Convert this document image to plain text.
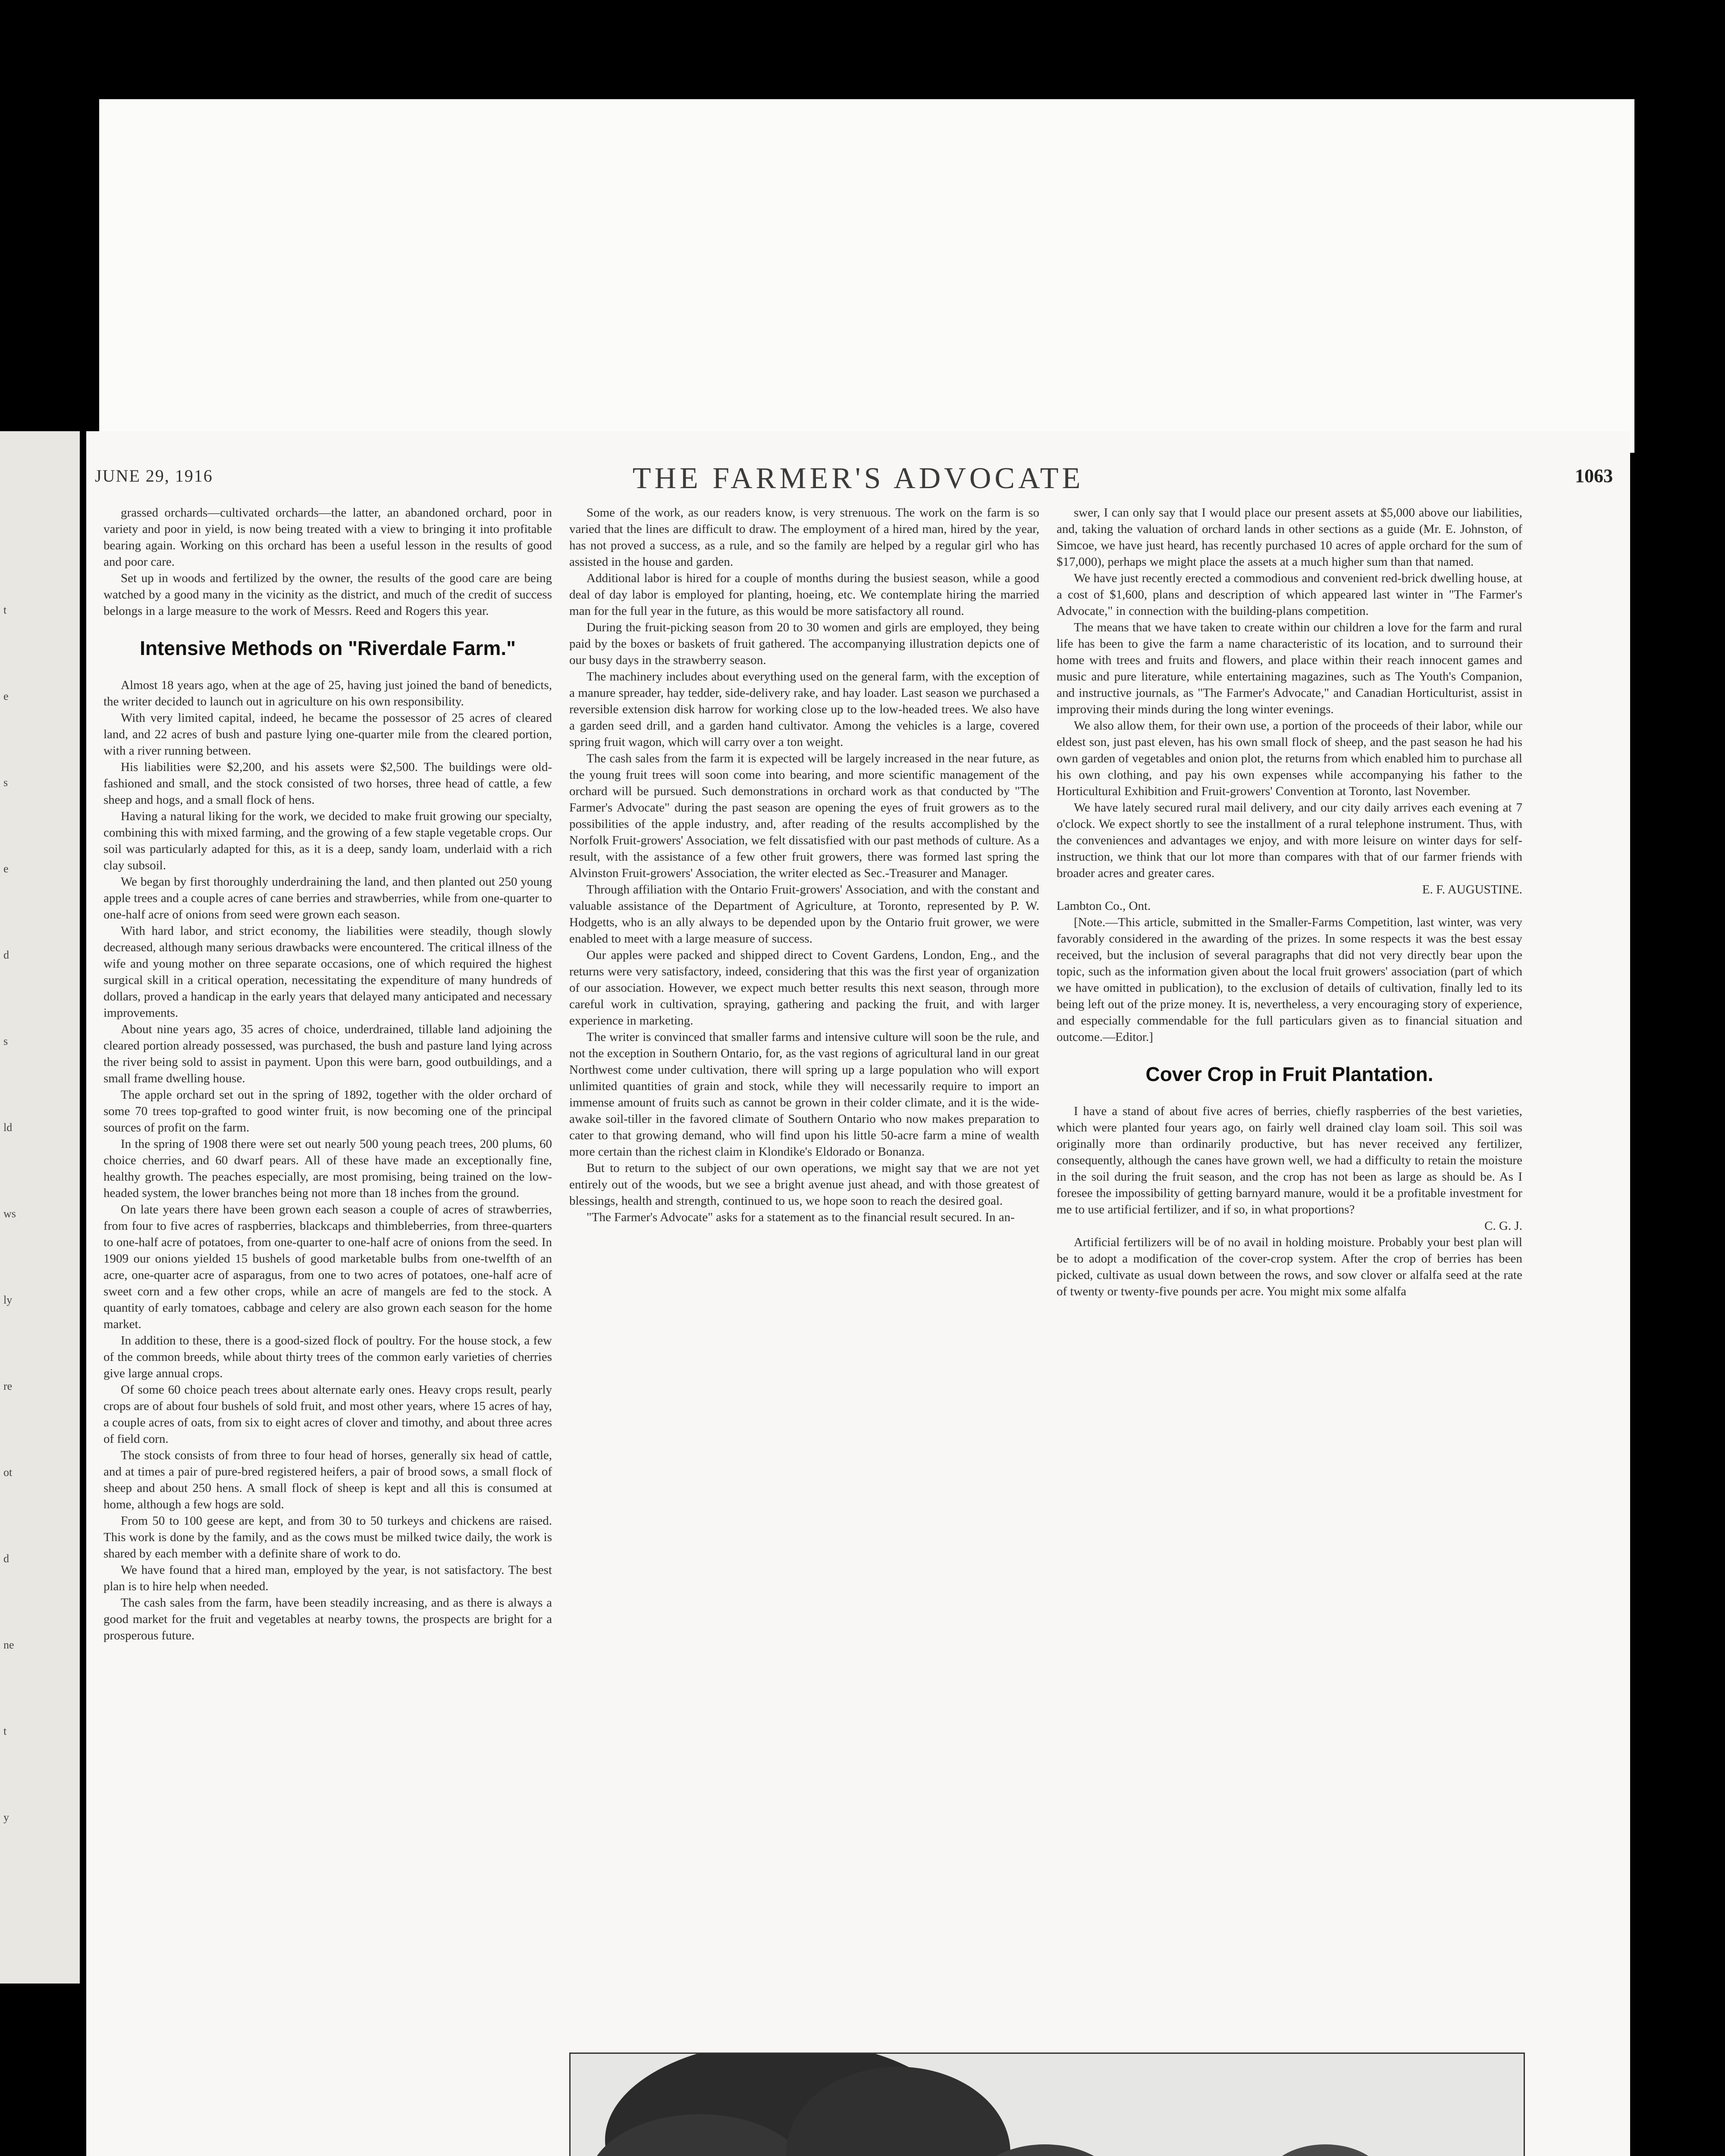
JUNE 29, 1916	THE FARMER'S ADVOCATE	1063

grassed orchards—cultivated orchards—the latter, an abandoned orchard, poor in variety and poor in yield, is now being treated with a view to bringing it into profitable bearing again. Working on this orchard has been a useful lesson in the results of good and poor care.

Set up in woods and fertilized by the owner, the results of the good care are being watched by a good many in the vicinity as the district, and much of the credit of success belongs in a large measure to the work of Messrs. Reed and Rogers this year.

Intensive Methods on "Riverdale Farm."

Almost 18 years ago, when at the age of 25, having just joined the band of benedicts, the writer decided to launch out in agriculture on his own responsibility.

With very limited capital, indeed, he became the possessor of 25 acres of cleared land, and 22 acres of bush and pasture lying one-quarter mile from the cleared portion, with a river running between.

His liabilities were $2,200, and his assets were $2,500. The buildings were old-fashioned and small, and the stock consisted of two horses, three head of cattle, a few sheep and hogs, and a small flock of hens.

Having a natural liking for the work, we decided to make fruit growing our specialty, combining this with mixed farming, and the growing of a few staple vegetable crops. Our soil was particularly adapted for this, as it is a deep, sandy loam, underlaid with a rich clay subsoil.

We began by first thoroughly underdraining the land, and then planted out 250 young apple trees and a couple acres of cane berries and strawberries, while from one-quarter to one-half acre of onions from seed were grown each season.

With hard labor, and strict economy, the liabilities were steadily, though slowly decreased, although many serious drawbacks were encountered. The critical illness of the wife and young mother on three separate occasions, one of which required the highest surgical skill in a critical operation, necessitating the expenditure of many hundreds of dollars, proved a handicap in the early years that delayed many anticipated and necessary improvements.

About nine years ago, 35 acres of choice, underdrained, tillable land adjoining the cleared portion already possessed, was purchased, the bush and pasture land lying across the river being sold to assist in payment. Upon this were barn, good outbuildings, and a small frame dwelling house.

The apple orchard set out in the spring of 1892, together with the older orchard of some 70 trees top-grafted to good winter fruit, is now becoming one of the principal sources of profit on the farm.

In the spring of 1908 there were set out nearly 500 young peach trees, 200 plums, 60 choice cherries, and 60 dwarf pears. All of these have made an exceptionally fine, healthy growth. The peaches especially, are most promising, being trained on the low-headed system, the lower branches being not more than 18 inches from the ground.

On late years there have been grown each season a couple of acres of strawberries, from four to five acres of raspberries, blackcaps and thimbleberries, from three-quarters to one-half acre of potatoes, from one-quarter to one-half acre of onions from the seed. In 1909 our onions yielded 15 bushels of good marketable bulbs from one-twelfth of an acre, one-quarter acre of asparagus, from one to two acres of potatoes, one-half acre of sweet corn and a few other crops, while an acre of mangels are fed to the stock. A quantity of early tomatoes, cabbage and celery are also grown each season for the home market.

In addition to these, there is a good-sized flock of poultry. For the house stock, a few of the common breeds, while about thirty trees of the common early varieties of cherries give large annual crops.

Of some 60 choice peach trees about alternate early ones. Heavy crops result, pearly crops are of about four bushels of sold fruit, and most other years, where 15 acres of hay, a couple acres of oats, from six to eight acres of clover and timothy, and about three acres of field corn.

The stock consists of from three to four head of horses, generally six head of cattle, and at times a pair of pure-bred registered heifers, a pair of brood sows, a small flock of sheep and about 250 hens. A small flock of sheep is kept and all this is consumed at home, although a few hogs are sold.

From 50 to 100 geese are kept, and from 30 to 50 turkeys and chickens are raised. This work is done by the family, and as the cows must be milked twice daily, the work is shared by each member with a definite share of work to do.

We have found that a hired man, employed by the year, is not satisfactory. The best plan is to hire help when needed.

The cash sales from the farm, have been steadily increasing, and as there is always a good market for the fruit and vegetables at nearby towns, the prospects are bright for a prosperous future.

Some of the work, as our readers know, is very strenuous. The work on the farm is so varied that the lines are difficult to draw. The employment of a hired man, hired by the year, has not proved a success, as a rule, and so the family are helped by a regular girl who has assisted in the house and garden.

Additional labor is hired for a couple of months during the busiest season, while a good deal of day labor is employed for planting, hoeing, etc. We contemplate hiring the married man for the full year in the future, as this would be more satisfactory all round.

During the fruit-picking season from 20 to 30 women and girls are employed, they being paid by the boxes or baskets of fruit gathered. The accompanying illustration depicts one of our busy days in the strawberry season.

The machinery includes about everything used on the general farm, with the exception of a manure spreader, hay tedder, side-delivery rake, and hay loader. Last season we purchased a reversible extension disk harrow for working close up to the low-headed trees. We also have a garden seed drill, and a garden hand cultivator. Among the vehicles is a large, covered spring fruit wagon, which will carry over a ton weight.

The cash sales from the farm it is expected will be largely increased in the near future, as the young fruit trees will soon come into bearing, and more scientific management of the orchard will be pursued. Such demonstrations in orchard work as that conducted by "The Farmer's Advocate" during the past season are opening the eyes of fruit growers as to the possibilities of the apple industry, and, after reading of the results accomplished by the Norfolk Fruit-growers' Association, we felt dissatisfied with our past methods of culture. As a result, with the assistance of a few other fruit growers, there was formed last spring the Alvinston Fruit-growers' Association, the writer elected as Sec.-Treasurer and Manager.

Through affiliation with the Ontario Fruit-growers' Association, and with the constant and valuable assistance of the Department of Agriculture, at Toronto, represented by P. W. Hodgetts, who is an ally always to be depended upon by the Ontario fruit grower, we were enabled to meet with a large measure of success.

Our apples were packed and shipped direct to Covent Gardens, London, Eng., and the returns were very satisfactory, indeed, considering that this was the first year of organization of our association. However, we expect much better results this next season, through more careful work in cultivation, spraying, gathering and packing the fruit, and with larger experience in marketing.

The writer is convinced that smaller farms and intensive culture will soon be the rule, and not the exception in Southern Ontario, for, as the vast regions of agricultural land in our great Northwest come under cultivation, there will spring up a large population who will export unlimited quantities of grain and stock, while they will necessarily require to import an immense amount of fruits such as cannot be grown in their colder climate, and it is the wide-awake soil-tiller in the favored climate of Southern Ontario who now makes preparation to cater to that growing demand, who will find upon his little 50-acre farm a mine of wealth more certain than the richest claim in Klondike's Eldorado or Bonanza.

But to return to the subject of our own operations, we might say that we are not yet entirely out of the woods, but we see a bright avenue just ahead, and with those greatest of blessings, health and strength, continued to us, we hope soon to reach the desired goal.

"The Farmer's Advocate" asks for a statement as to the financial result secured. In an-

swer, I can only say that I would place our present assets at $5,000 above our liabilities, and, taking the valuation of orchard lands in other sections as a guide (Mr. E. Johnston, of Simcoe, we have just heard, has recently purchased 10 acres of apple orchard for the sum of $17,000), perhaps we might place the assets at a much higher sum than that named.

We have just recently erected a commodious and convenient red-brick dwelling house, at a cost of $1,600, plans and description of which appeared last winter in "The Farmer's Advocate," in connection with the building-plans competition.

The means that we have taken to create within our children a love for the farm and rural life has been to give the farm a name characteristic of its location, and to surround their home with trees and fruits and flowers, and place within their reach innocent games and music and pure literature, while entertaining magazines, such as The Youth's Companion, and instructive journals, as "The Farmer's Advocate," and Canadian Horticulturist, assist in improving their minds during the long winter evenings.

We also allow them, for their own use, a portion of the proceeds of their labor, while our eldest son, just past eleven, has his own small flock of sheep, and the past season he had his own garden of vegetables and onion plot, the returns from which enabled him to purchase all his own clothing, and pay his own expenses while accompanying his father to the Horticultural Exhibition and Fruit-growers' Convention at Toronto, last November.

We have lately secured rural mail delivery, and our city daily arrives each evening at 7 o'clock. We expect shortly to see the installment of a rural telephone instrument. Thus, with the conveniences and advantages we enjoy, and with more leisure on winter days for self-instruction, we think that our lot more than compares with that of our farmer friends with broader acres and greater cares.

E. F. AUGUSTINE.

Lambton Co., Ont.

[Note.—This article, submitted in the Smaller-Farms Competition, last winter, was very favorably considered in the awarding of the prizes. In some respects it was the best essay received, but the inclusion of several paragraphs that did not very directly bear upon the topic, such as the information given about the local fruit growers' association (part of which we have omitted in publication), to the exclusion of details of cultivation, finally led to its being left out of the prize money. It is, nevertheless, a very encouraging story of experience, and especially commendable for the full particulars given as to financial situation and outcome.—Editor.]

Cover Crop in Fruit Plantation.

I have a stand of about five acres of berries, chiefly raspberries of the best varieties, which were planted four years ago, on fairly well drained clay loam soil. This soil was originally more than ordinarily productive, but has never received any fertilizer, consequently, although the canes have grown well, we had a difficulty to retain the moisture in the soil during the fruit season, and the crop has not been as large as should be. As I foresee the impossibility of getting barnyard manure, would it be a profitable investment for me to use artificial fertilizer, and if so, in what proportions?

C. G. J.

Artificial fertilizers will be of no avail in holding moisture. Probably your best plan will be to adopt a modification of the cover-crop system. After the crop of berries has been picked, cultivate as usual down between the rows, and sow clover or alfalfa seed at the rate of twenty or twenty-five pounds per acre. You might mix some alfalfa

t
e
s
e
d
s
ld
ws
ly
re
ot
d
ne
t
y
